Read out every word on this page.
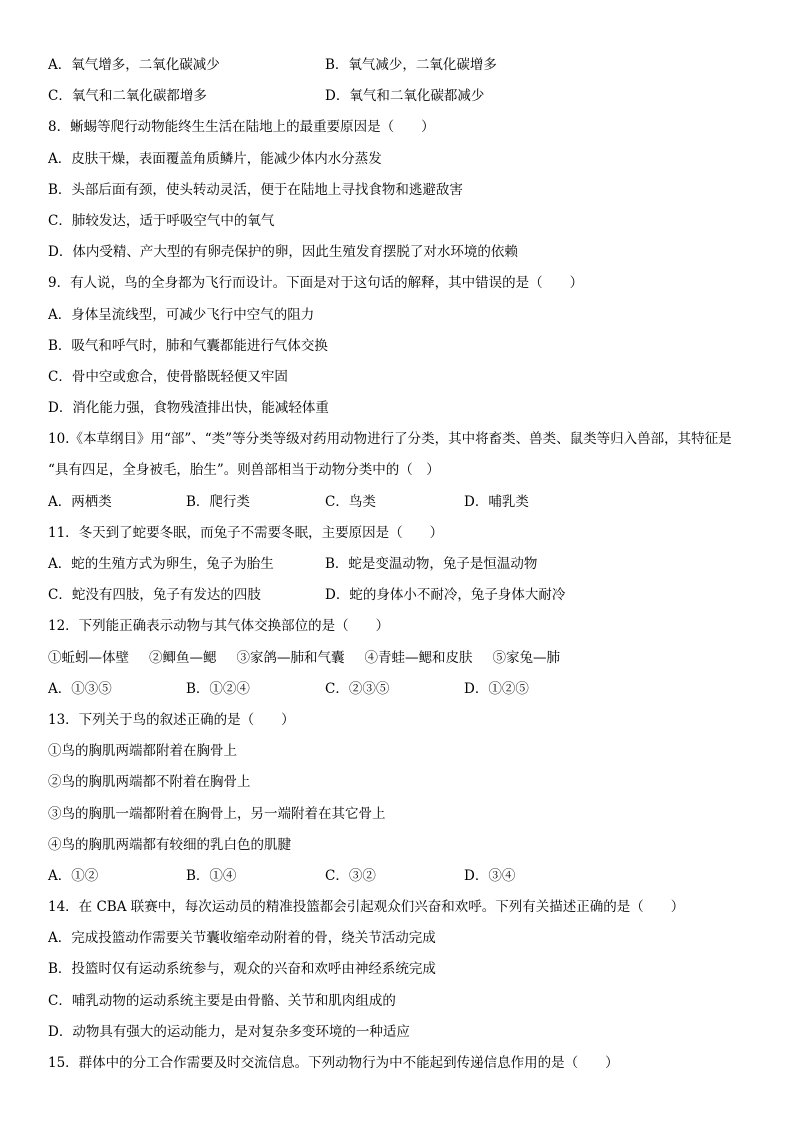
A．氧气增多，二氧化碳减少	B．氧气减少，二氧化碳增多
C．氧气和二氧化碳都增多	D．氧气和二氧化碳都减少
8．蜥蜴等爬行动物能终生生活在陆地上的最重要原因是（　　）
A．皮肤干燥，表面覆盖角质鳞片，能减少体内水分蒸发
B．头部后面有颈，使头转动灵活，便于在陆地上寻找食物和逃避敌害
C．肺较发达，适于呼吸空气中的氧气
D．体内受精、产大型的有卵壳保护的卵，因此生殖发育摆脱了对水环境的依赖
9．有人说，鸟的全身都为飞行而设计。下面是对于这句话的解释，其中错误的是（　　）
A．身体呈流线型，可减少飞行中空气的阻力
B．吸气和呼气时，肺和气囊都能进行气体交换
C．骨中空或愈合，使骨骼既轻便又牢固
D．消化能力强，食物残渣排出快，能减轻体重
10.《本草纲目》用“部”、“类”等分类等级对药用动物进行了分类，其中将畜类、兽类、鼠类等归入兽部，其特征是
“具有四足，全身被毛，胎生”。则兽部相当于动物分类中的（　）
A．两栖类	B．爬行类	C．鸟类	D．哺乳类
11．冬天到了蛇要冬眠，而兔子不需要冬眠，主要原因是（　　）
A．蛇的生殖方式为卵生，兔子为胎生	B．蛇是变温动物，兔子是恒温动物
C．蛇没有四肢，兔子有发达的四肢	D．蛇的身体小不耐冷，兔子身体大耐冷
12．下列能正确表示动物与其气体交换部位的是（　　）
①蚯蚓—体壁 ②鲫鱼—鳃 ③家鸽—肺和气囊 ④青蛙—鳃和皮肤 ⑤家兔—肺
A．①③⑤	B．①②④	C．②③⑤	D．①②⑤
13．下列关于鸟的叙述正确的是（　　）
①鸟的胸肌两端都附着在胸骨上
②鸟的胸肌两端都不附着在胸骨上
③鸟的胸肌一端都附着在胸骨上，另一端附着在其它骨上
④鸟的胸肌两端都有较细的乳白色的肌腱
A．①②	B．①④	C．③②	D．③④
14．在 CBA 联赛中，每次运动员的精准投篮都会引起观众们兴奋和欢呼。下列有关描述正确的是（　　）
A．完成投篮动作需要关节囊收缩牵动附着的骨，绕关节活动完成
B．投篮时仅有运动系统参与，观众的兴奋和欢呼由神经系统完成
C．哺乳动物的运动系统主要是由骨骼、关节和肌肉组成的
D．动物具有强大的运动能力，是对复杂多变环境的一种适应
15．群体中的分工合作需要及时交流信息。下列动物行为中不能起到传递信息作用的是（　　）
